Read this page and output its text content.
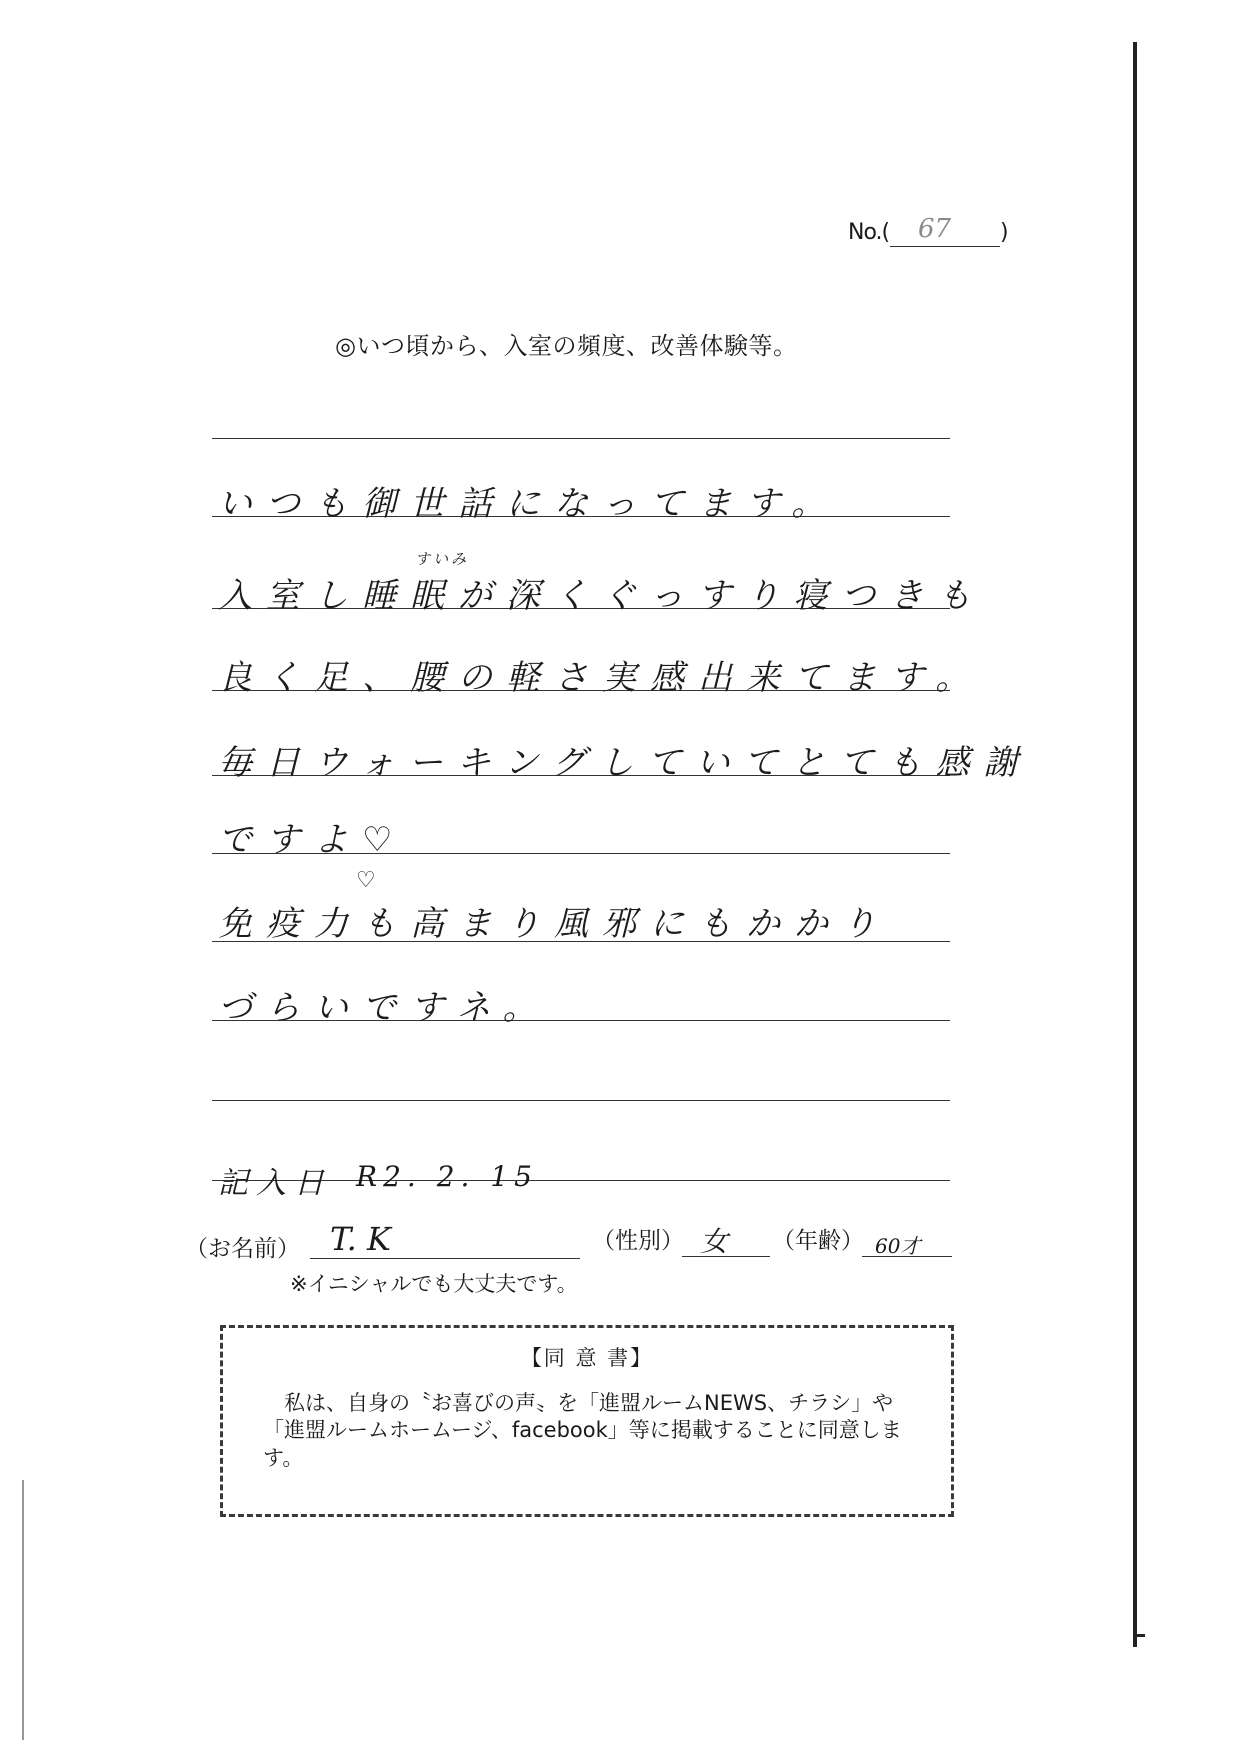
No.( 67 )
◎いつ頃から、入室の頻度、改善体験等。
いつも御世話になってます。
すいみ
入室し睡眠が深くぐっすり寝つきも
良く足、腰の軽さ実感出来てます。
毎日ウォーキングしていてとても感謝
ですよ♡
♡
免疫力も高まり風邪にもかかり
づらいですネ。
記入日 R2. 2. 15
（お名前） T. K
※イニシャルでも大丈夫です。
（性別） 女 （年齢） 60才
【同 意 書】
　私は、自身の〝お喜びの声〟を「進盟ルームNEWS、チラシ」や「進盟ルームホームージ、facebook」等に掲載することに同意します。
